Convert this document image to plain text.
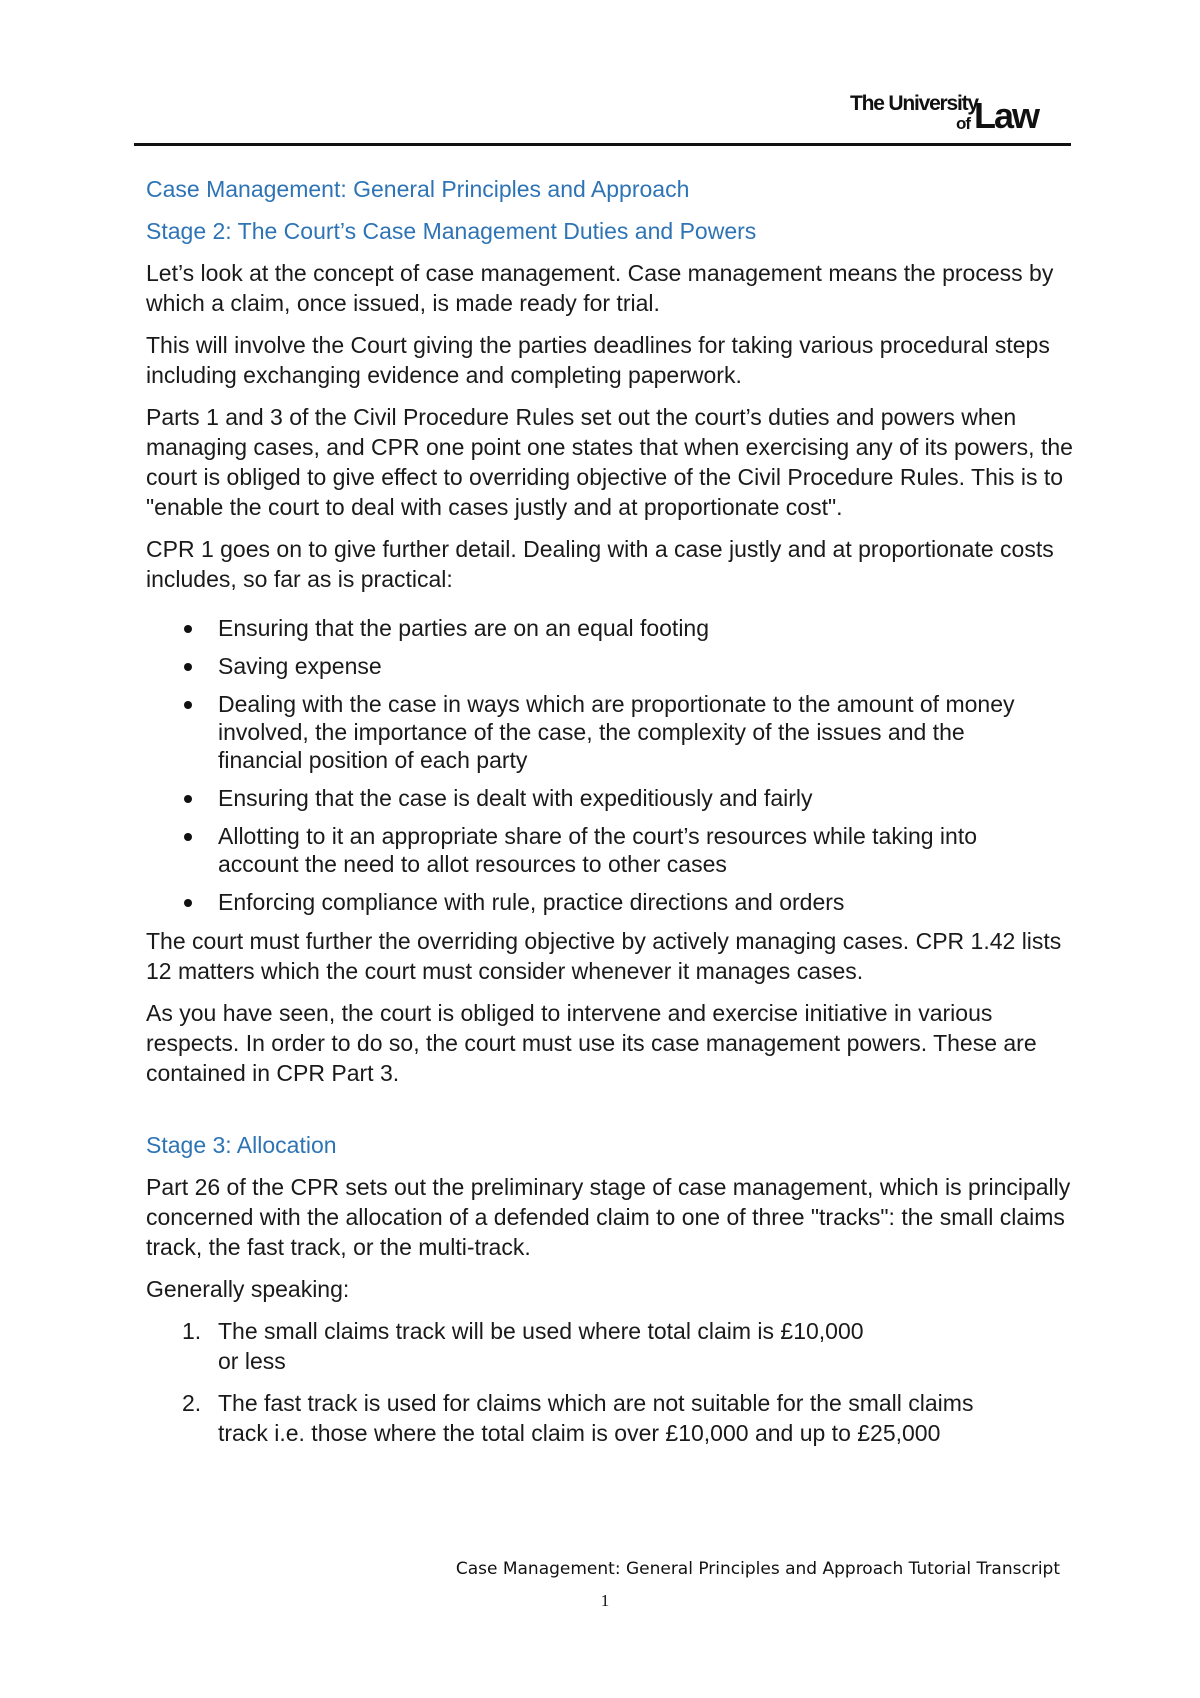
The University
of Law
Case Management: General Principles and Approach
Stage 2: The Court’s Case Management Duties and Powers

Let’s look at the concept of case management. Case management means the process by which a claim, once issued, is made ready for trial.

This will involve the Court giving the parties deadlines for taking various procedural steps including exchanging evidence and completing paperwork.

Parts 1 and 3 of the Civil Procedure Rules set out the court’s duties and powers when managing cases, and CPR one point one states that when exercising any of its powers, the court is obliged to give effect to overriding objective of the Civil Procedure Rules. This is to "enable the court to deal with cases justly and at proportionate cost".

CPR 1 goes on to give further detail. Dealing with a case justly and at proportionate costs includes, so far as is practical:

Ensuring that the parties are on an equal footing
Saving expense
Dealing with the case in ways which are proportionate to the amount of money involved, the importance of the case, the complexity of the issues and the financial position of each party
Ensuring that the case is dealt with expeditiously and fairly
Allotting to it an appropriate share of the court’s resources while taking into account the need to allot resources to other cases
Enforcing compliance with rule, practice directions and orders

The court must further the overriding objective by actively managing cases. CPR 1.42 lists 12 matters which the court must consider whenever it manages cases.

As you have seen, the court is obliged to intervene and exercise initiative in various respects. In order to do so, the court must use its case management powers. These are contained in CPR Part 3.

Stage 3: Allocation

Part 26 of the CPR sets out the preliminary stage of case management, which is principally concerned with the allocation of a defended claim to one of three "tracks": the small claims track, the fast track, or the multi-track.

Generally speaking:

1. The small claims track will be used where total claim is £10,000
or less
2. The fast track is used for claims which are not suitable for the small claims
track i.e. those where the total claim is over £10,000 and up to £25,000
Case Management: General Principles and Approach Tutorial Transcript
1
